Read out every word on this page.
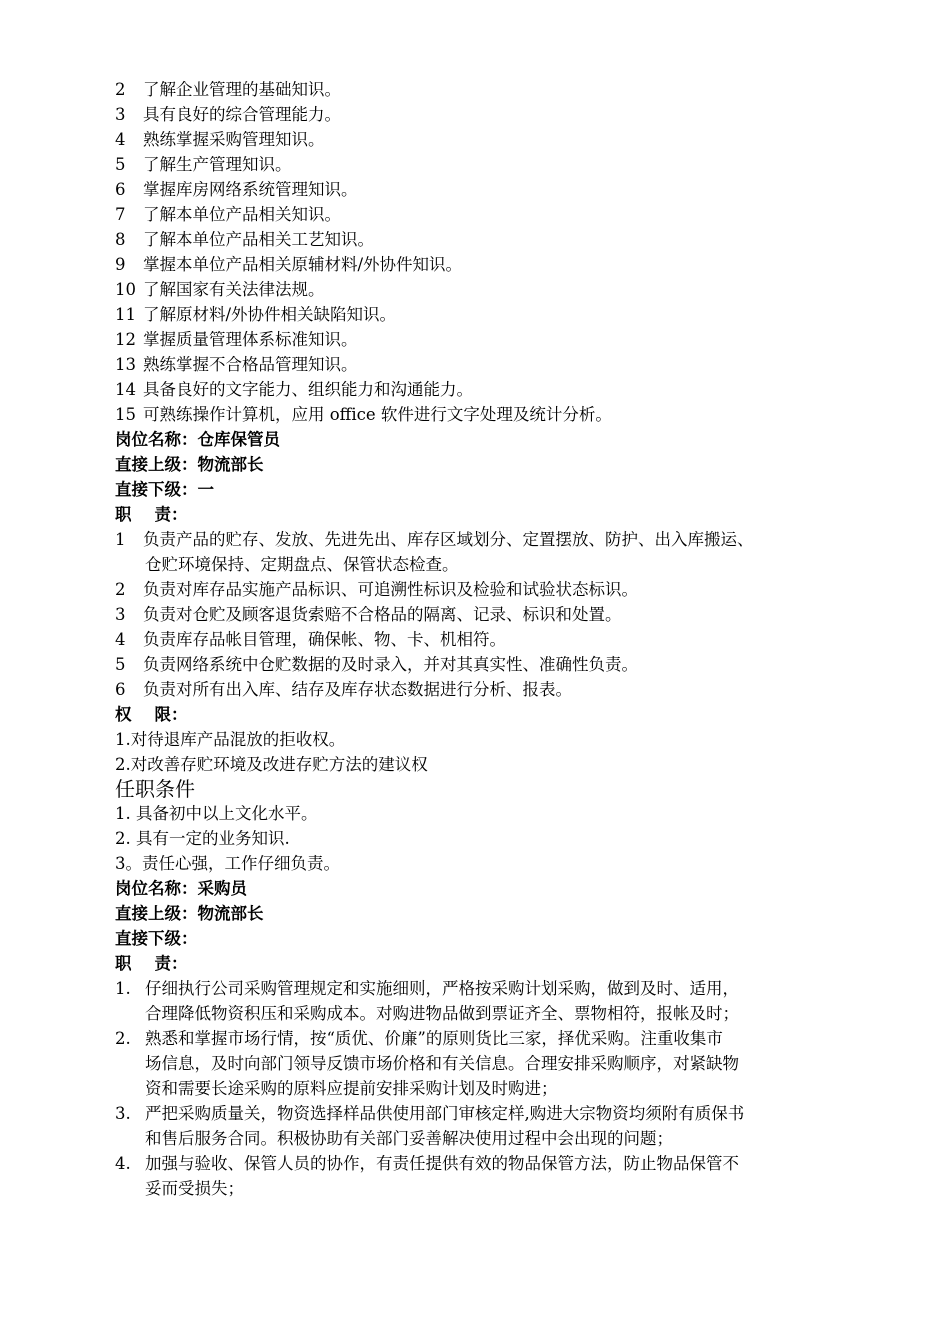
2 了解企业管理的基础知识。
3 具有良好的综合管理能力。
4 熟练掌握采购管理知识。
5 了解生产管理知识。
6 掌握库房网络系统管理知识。
7 了解本单位产品相关知识。
8 了解本单位产品相关工艺知识。
9 掌握本单位产品相关原辅材料/外协件知识。
10 了解国家有关法律法规。
11 了解原材料/外协件相关缺陷知识。
12 掌握质量管理体系标准知识。
13 熟练掌握不合格品管理知识。
14 具备良好的文字能力、组织能力和沟通能力。
15 可熟练操作计算机，应用 office 软件进行文字处理及统计分析。
岗位名称：仓库保管员
直接上级：物流部长
直接下级：一
职    责：
1 负责产品的贮存、发放、先进先出、库存区域划分、定置摆放、防护、出入库搬运、
仓贮环境保持、定期盘点、保管状态检查。
2 负责对库存品实施产品标识、可追溯性标识及检验和试验状态标识。
3 负责对仓贮及顾客退货索赔不合格品的隔离、记录、标识和处置。
4 负责库存品帐目管理，确保帐、物、卡、机相符。
5 负责网络系统中仓贮数据的及时录入，并对其真实性、准确性负责。
6 负责对所有出入库、结存及库存状态数据进行分析、报表。
权    限：
1.对待退库产品混放的拒收权。
2.对改善存贮环境及改进存贮方法的建议权
任职条件
1. 具备初中以上文化水平。
2. 具有一定的业务知识.
3。责任心强，工作仔细负责。
岗位名称：采购员
直接上级：物流部长
直接下级：
职    责：
1. 仔细执行公司采购管理规定和实施细则，严格按采购计划采购，做到及时、适用，
合理降低物资积压和采购成本。对购进物品做到票证齐全、票物相符，报帐及时；
2. 熟悉和掌握市场行情，按“质优、价廉”的原则货比三家，择优采购。注重收集市
场信息，及时向部门领导反馈市场价格和有关信息。合理安排采购顺序，对紧缺物
资和需要长途采购的原料应提前安排采购计划及时购进；
3. 严把采购质量关，物资选择样品供使用部门审核定样,购进大宗物资均须附有质保书
和售后服务合同。积极协助有关部门妥善解决使用过程中会出现的问题；
4. 加强与验收、保管人员的协作，有责任提供有效的物品保管方法，防止物品保管不
妥而受损失；
